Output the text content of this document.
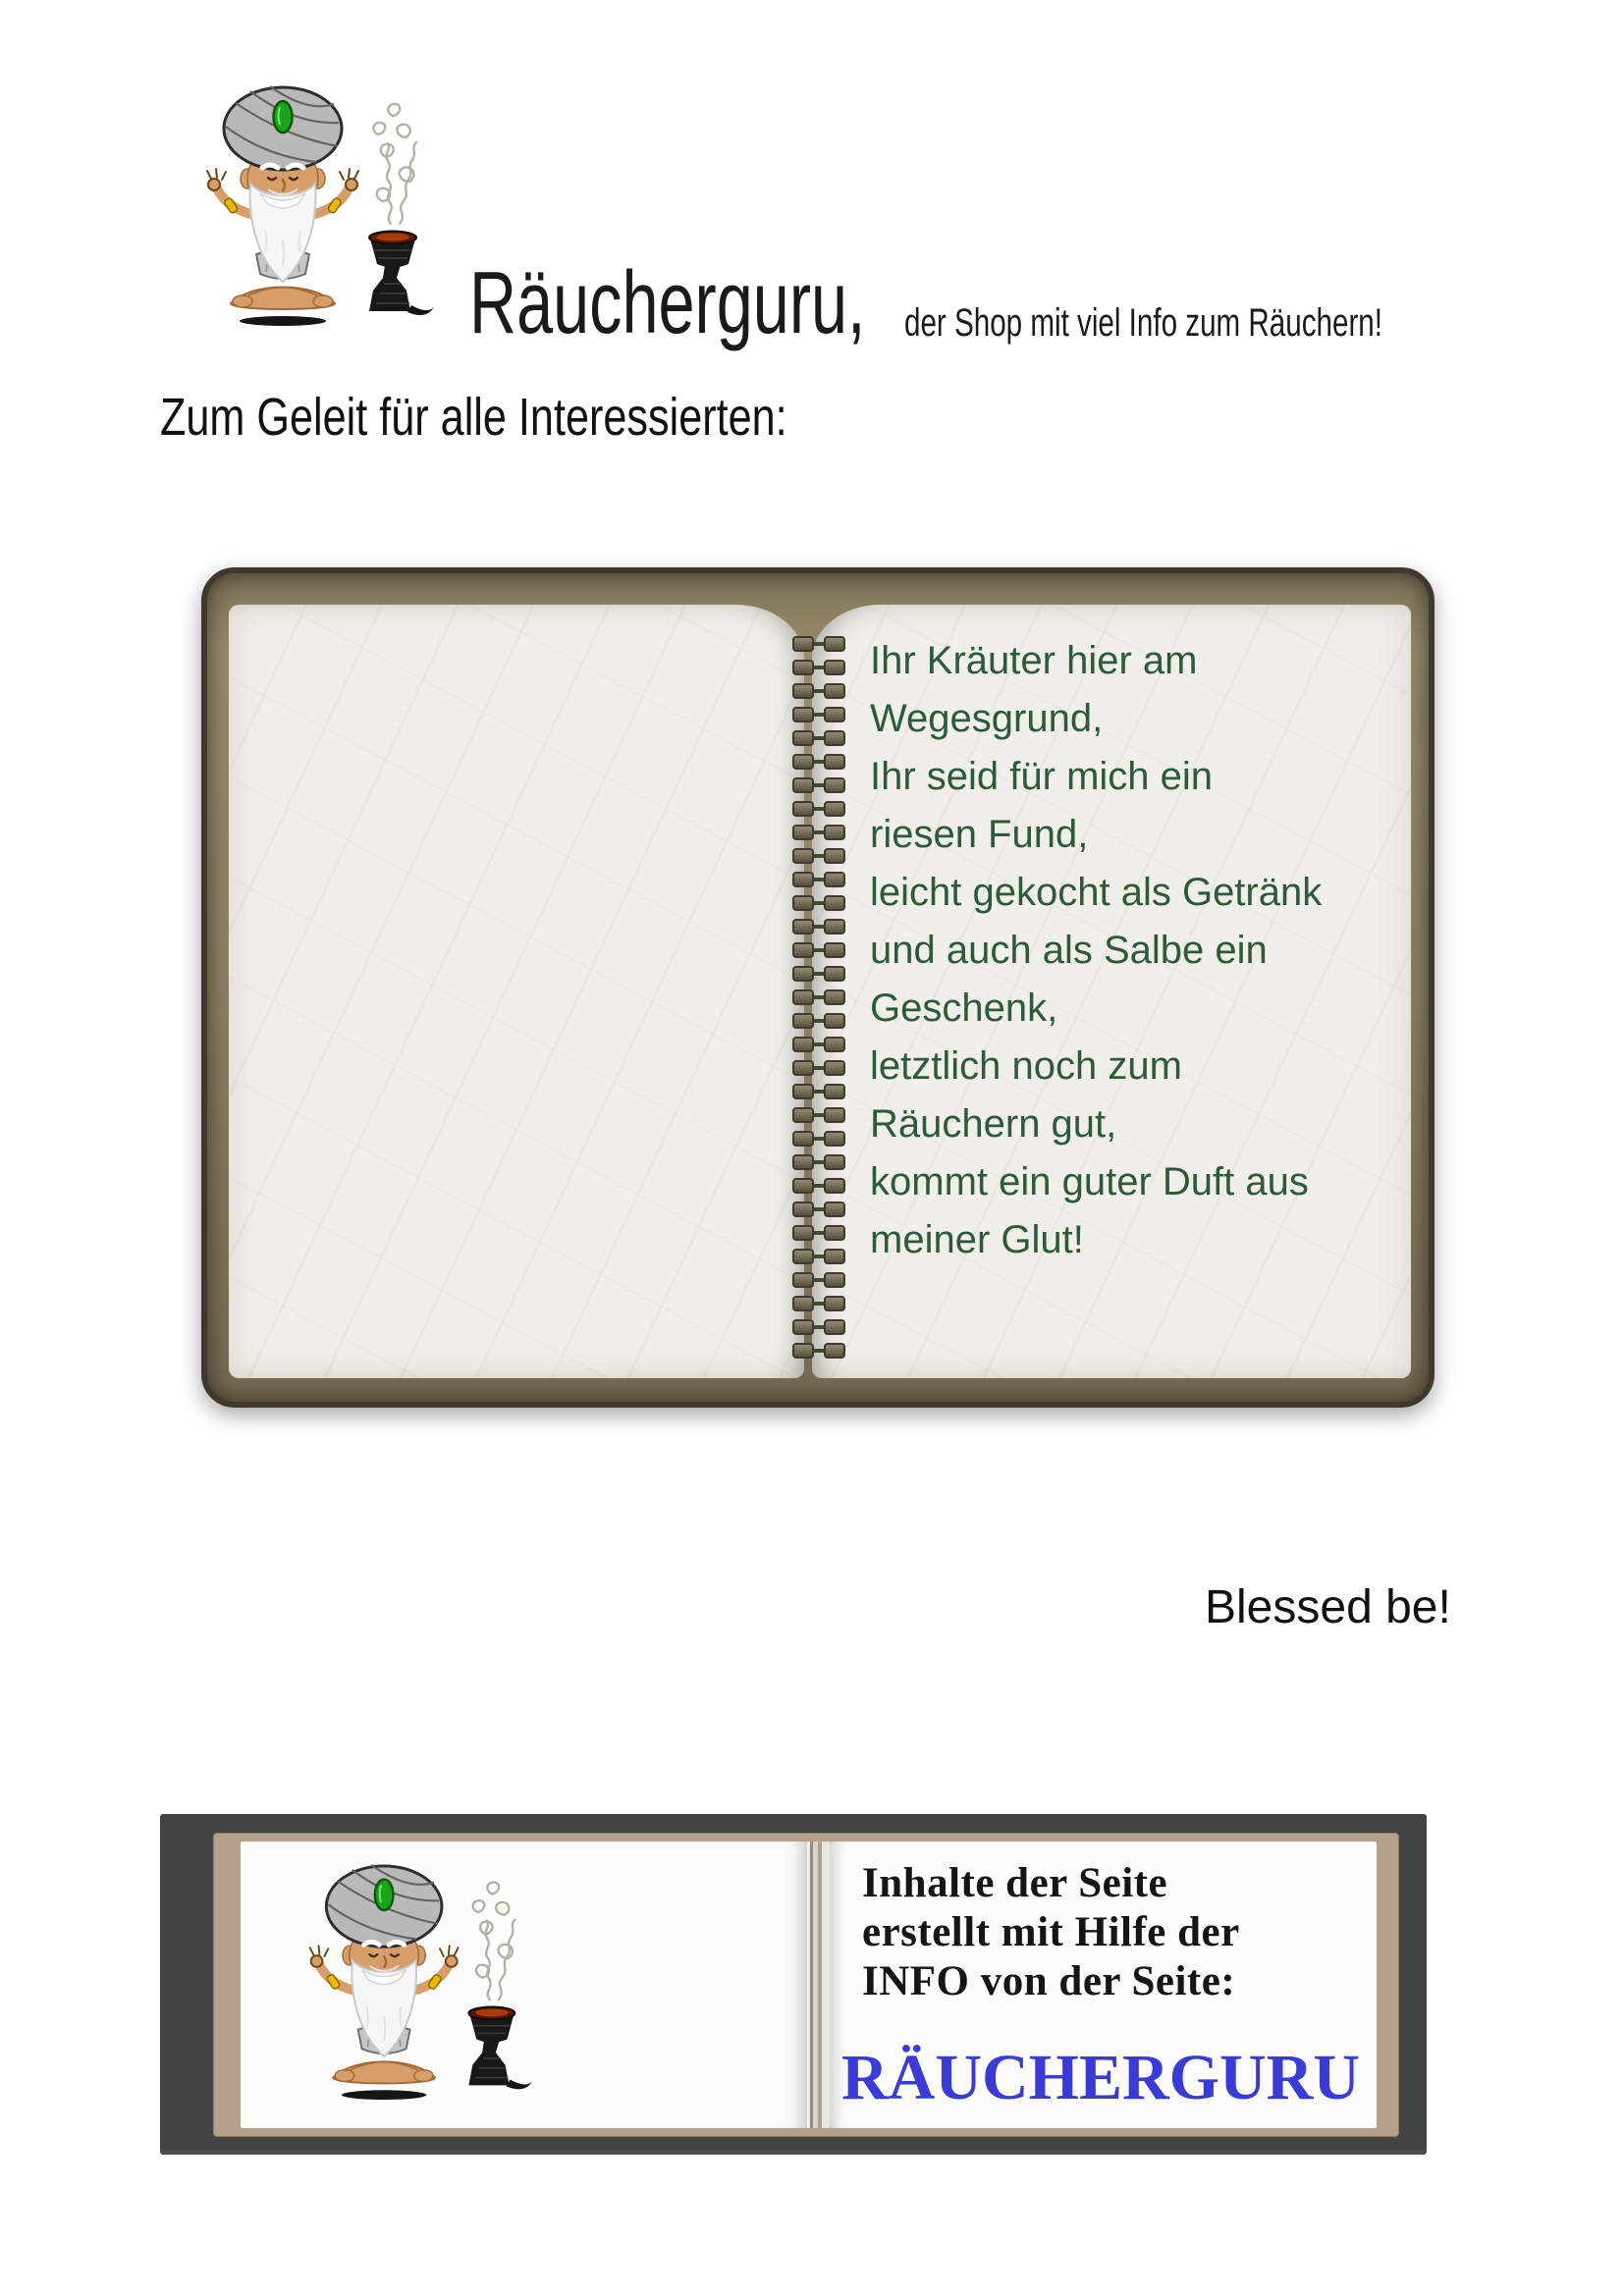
Räucherguru, der Shop mit viel Info zum Räuchern!
Zum Geleit für alle Interessierten:
Ihr Kräuter hier am
Wegesgrund,
Ihr seid für mich ein
riesen Fund,
leicht gekocht als Getränk
und auch als Salbe ein
Geschenk,
letztlich noch zum
Räuchern gut,
kommt ein guter Duft aus
meiner Glut!
Blessed be!
Inhalte der Seite
erstellt mit Hilfe der
INFO von der Seite:
RÄUCHERGURU
